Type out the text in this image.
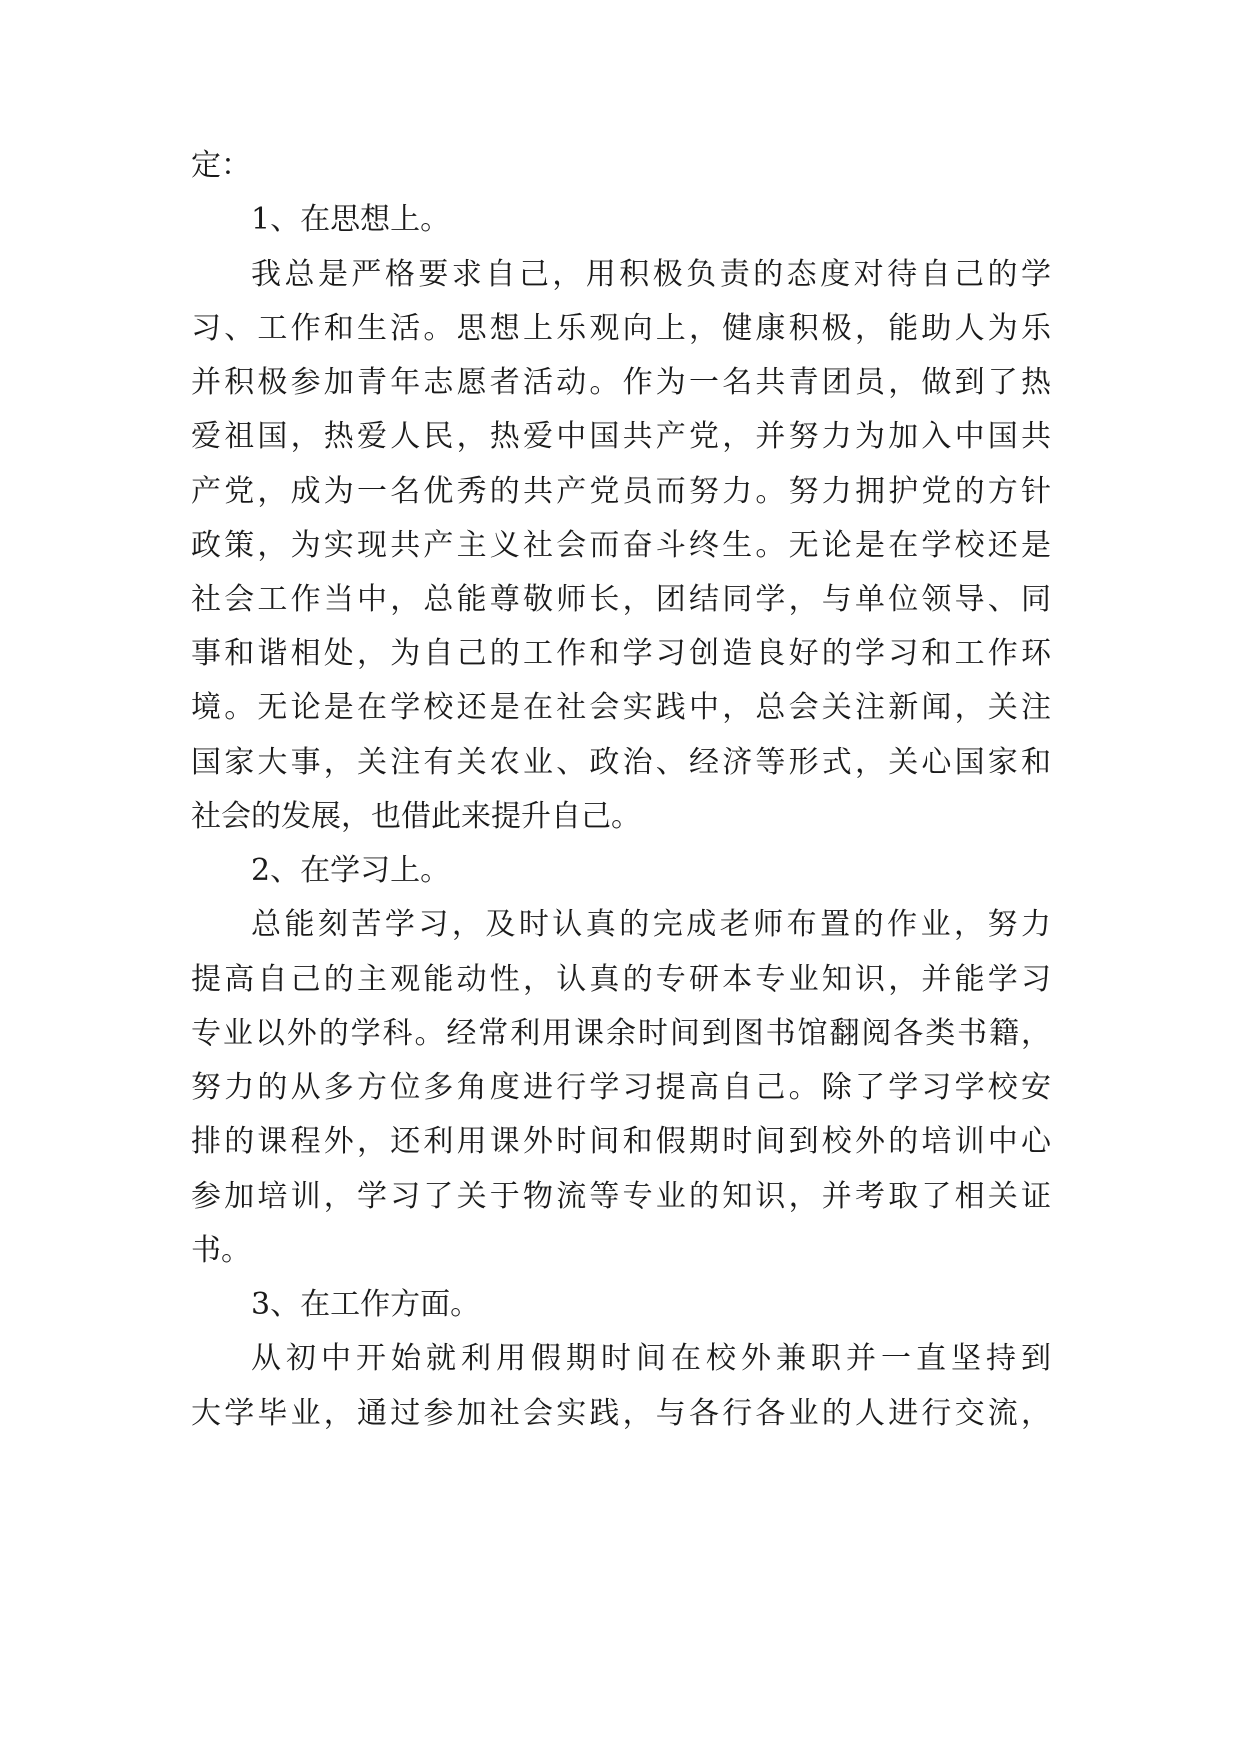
定：
1、在思想上。
我总是严格要求自己，用积极负责的态度对待自己的学
习、工作和生活。思想上乐观向上，健康积极，能助人为乐
并积极参加青年志愿者活动。作为一名共青团员，做到了热
爱祖国，热爱人民，热爱中国共产党，并努力为加入中国共
产党，成为一名优秀的共产党员而努力。努力拥护党的方针
政策，为实现共产主义社会而奋斗终生。无论是在学校还是
社会工作当中，总能尊敬师长，团结同学，与单位领导、同
事和谐相处，为自己的工作和学习创造良好的学习和工作环
境。无论是在学校还是在社会实践中，总会关注新闻，关注
国家大事，关注有关农业、政治、经济等形式，关心国家和
社会的发展，也借此来提升自己。
2、在学习上。
总能刻苦学习，及时认真的完成老师布置的作业，努力
提高自己的主观能动性，认真的专研本专业知识，并能学习
专业以外的学科。经常利用课余时间到图书馆翻阅各类书籍，
努力的从多方位多角度进行学习提高自己。除了学习学校安
排的课程外，还利用课外时间和假期时间到校外的培训中心
参加培训，学习了关于物流等专业的知识，并考取了相关证
书。
3、在工作方面。
从初中开始就利用假期时间在校外兼职并一直坚持到
大学毕业，通过参加社会实践，与各行各业的人进行交流，
